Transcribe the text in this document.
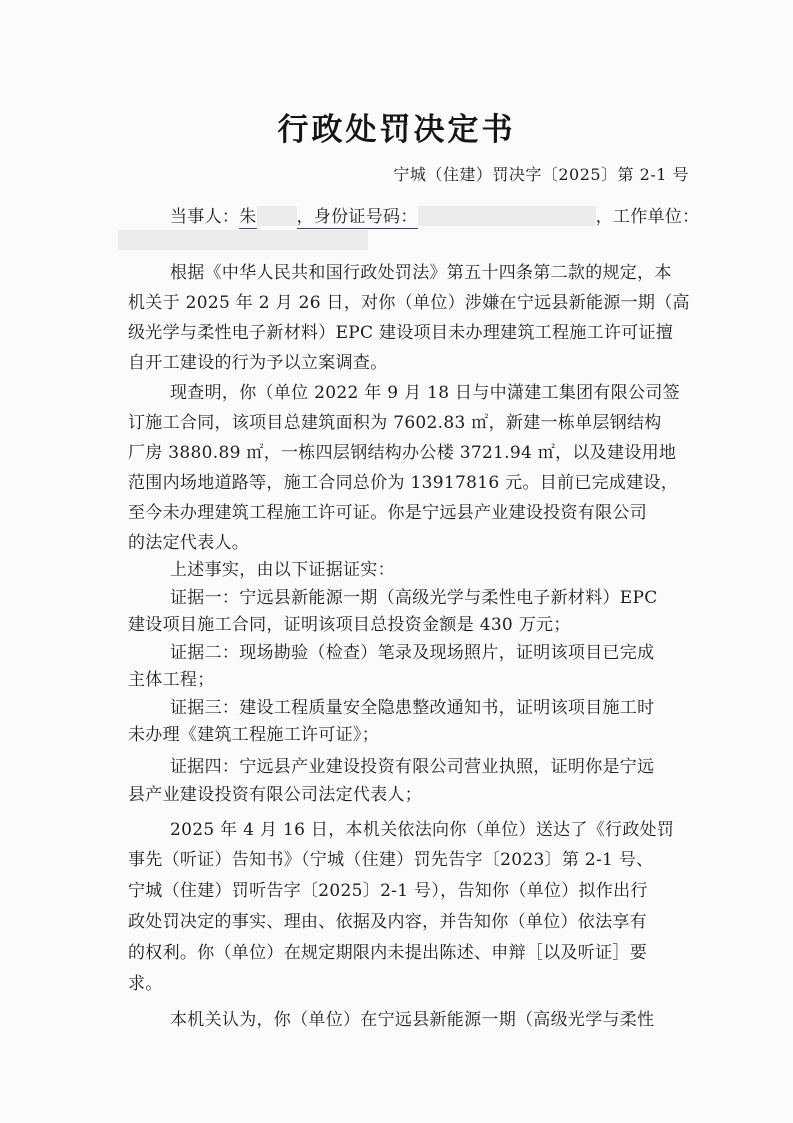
行政处罚决定书
宁城（住建）罚决字〔2025〕第 2-1 号
当事人：朱 ，身份证号码：	，工作单位：
根据《中华人民共和国行政处罚法》第五十四条第二款的规定，本
机关于 2025 年 2 月 26 日，对你（单位）涉嫌在宁远县新能源一期（高
级光学与柔性电子新材料）EPC 建设项目未办理建筑工程施工许可证擅
自开工建设的行为予以立案调查。
现查明，你（单位 2022 年 9 月 18 日与中潇建工集团有限公司签
订施工合同，该项目总建筑面积为 7602.83 ㎡，新建一栋单层钢结构
厂房 3880.89 ㎡，一栋四层钢结构办公楼 3721.94 ㎡，以及建设用地
范围内场地道路等，施工合同总价为 13917816 元。目前已完成建设，
至今未办理建筑工程施工许可证。你是宁远县产业建设投资有限公司
的法定代表人。
上述事实，由以下证据证实：
证据一：宁远县新能源一期（高级光学与柔性电子新材料）EPC
建设项目施工合同，证明该项目总投资金额是 430 万元；
证据二：现场勘验（检查）笔录及现场照片，证明该项目已完成
主体工程；
证据三：建设工程质量安全隐患整改通知书，证明该项目施工时
未办理《建筑工程施工许可证》；
证据四：宁远县产业建设投资有限公司营业执照，证明你是宁远
县产业建设投资有限公司法定代表人；
2025 年 4 月 16 日，本机关依法向你（单位）送达了《行政处罚
事先（听证）告知书》（宁城（住建）罚先告字〔2023〕第 2-1 号、
宁城（住建）罚听告字〔2025〕2-1 号），告知你（单位）拟作出行
政处罚决定的事实、理由、依据及内容，并告知你（单位）依法享有
的权利。你（单位）在规定期限内未提出陈述、申辩［以及听证］要
求。
本机关认为，你（单位）在宁远县新能源一期（高级光学与柔性
